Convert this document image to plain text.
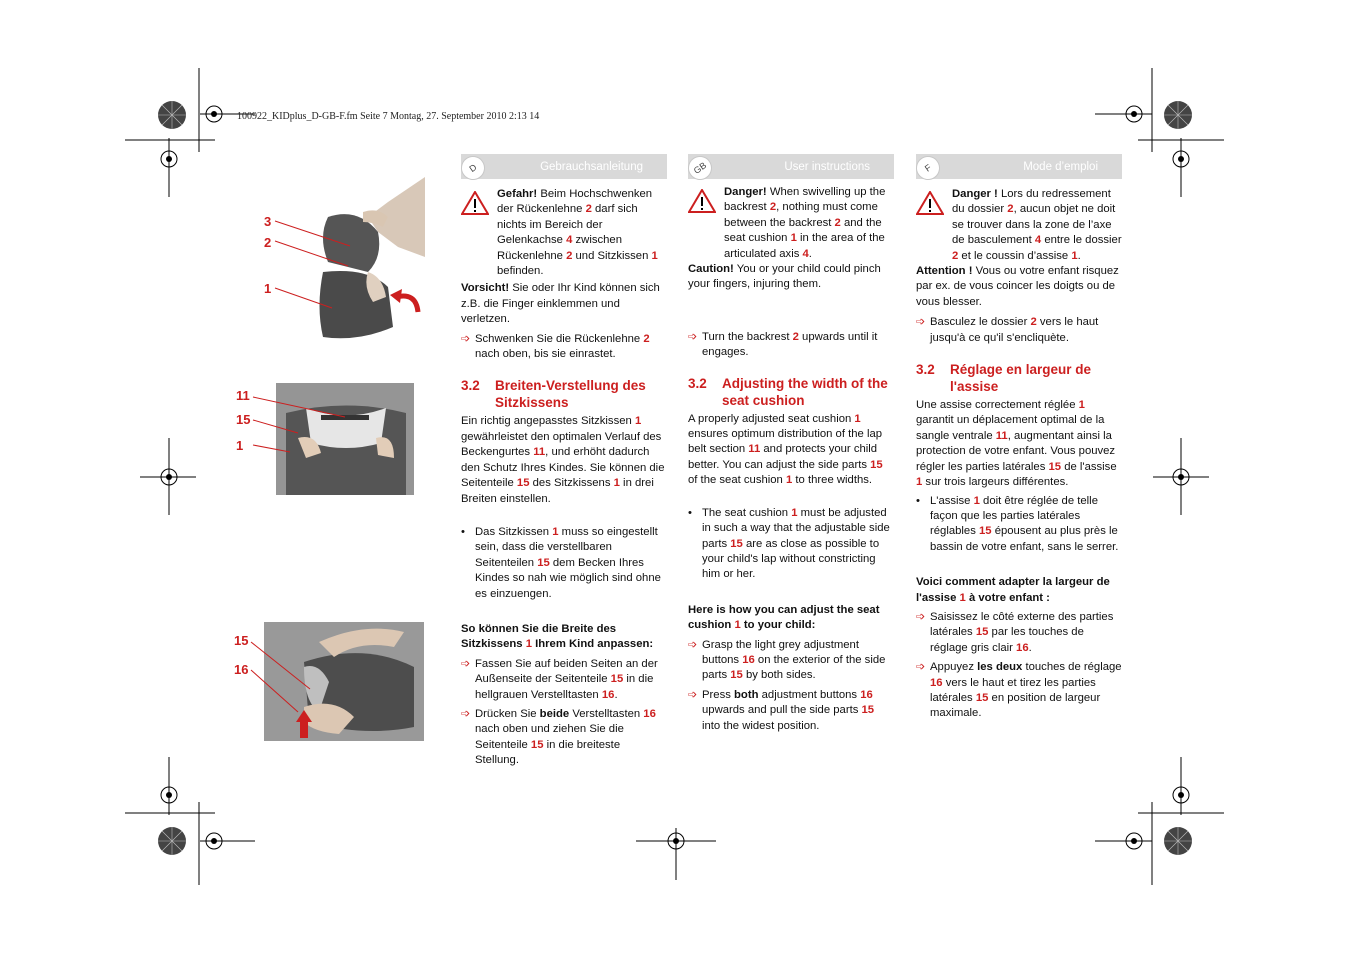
100922_KIDplus_D-GB-F.fm Seite 7 Montag, 27. September 2010 2:13 14
3
2
1
11
15
1
15
16
D	Gebrauchsanleitung

Gefahr! Beim Hochschwenken der Rückenlehne 2 darf sich nichts im Bereich der Gelenkachse 4 zwischen Rückenlehne 2 und Sitzkissen 1 befinden.

Vorsicht! Sie oder Ihr Kind können sich z.B. die Finger einklemmen und verletzen.

➩ Schwenken Sie die Rückenlehne 2 nach oben, bis sie einrastet.

3.2 Breiten-Verstellung des Sitzkissens

Ein richtig angepasstes Sitzkissen 1 gewährleistet den optimalen Verlauf des Beckengurtes 11, und erhöht dadurch den Schutz Ihres Kindes. Sie können die Seitenteile 15 des Sitzkissens 1 in drei Breiten einstellen.

• Das Sitzkissen 1 muss so eingestellt sein, dass die verstellbaren Seitenteilen 15 dem Becken Ihres Kindes so nah wie möglich sind ohne es einzuengen.

So können Sie die Breite des Sitzkissens 1 Ihrem Kind anpassen:

➩ Fassen Sie auf beiden Seiten an der Außenseite der Seitenteile 15 in die hellgrauen Verstelltasten 16.

➩ Drücken Sie beide Verstelltasten 16 nach oben und ziehen Sie die Seitenteile 15 in die breiteste Stellung.

GB	User instructions

Danger! When swivelling up the backrest 2, nothing must come between the backrest 2 and the seat cushion 1 in the area of the articulated axis 4.

Caution! You or your child could pinch your fingers, injuring them.

➩ Turn the backrest 2 upwards until it engages.

3.2 Adjusting the width of the seat cushion

A properly adjusted seat cushion 1 ensures optimum distribution of the lap belt section 11 and protects your child better. You can adjust the side parts 15 of the seat cushion 1 to three widths.

• The seat cushion 1 must be adjusted in such a way that the adjustable side parts 15 are as close as possible to your child's lap without constricting him or her.

Here is how you can adjust the seat cushion 1 to your child:

➩ Grasp the light grey adjustment buttons 16 on the exterior of the side parts 15 by both sides.

➩ Press both adjustment buttons 16 upwards and pull the side parts 15 into the widest position.

F	Mode d’emploi

Danger ! Lors du redressement du dossier 2, aucun objet ne doit se trouver dans la zone de l’axe de basculement 4 entre le dossier 2 et le coussin d’assise 1.

Attention ! Vous ou votre enfant risquez par ex. de vous coincer les doigts ou de vous blesser.

➩ Basculez le dossier 2 vers le haut jusqu'à ce qu'il s'encliquète.

3.2 Réglage en largeur de l'assise

Une assise correctement réglée 1 garantit un déplacement optimal de la sangle ventrale 11, augmentant ainsi la protection de votre enfant. Vous pouvez régler les parties latérales 15 de l'assise 1 sur trois largeurs différentes.

• L'assise 1 doit être réglée de telle façon que les parties latérales réglables 15 épousent au plus près le bassin de votre enfant, sans le serrer.

Voici comment adapter la largeur de l'assise 1 à votre enfant :

➩ Saisissez le côté externe des parties latérales 15 par les touches de réglage gris clair 16.

➩ Appuyez les deux touches de réglage 16 vers le haut et tirez les parties latérales 15 en position de largeur maximale.
